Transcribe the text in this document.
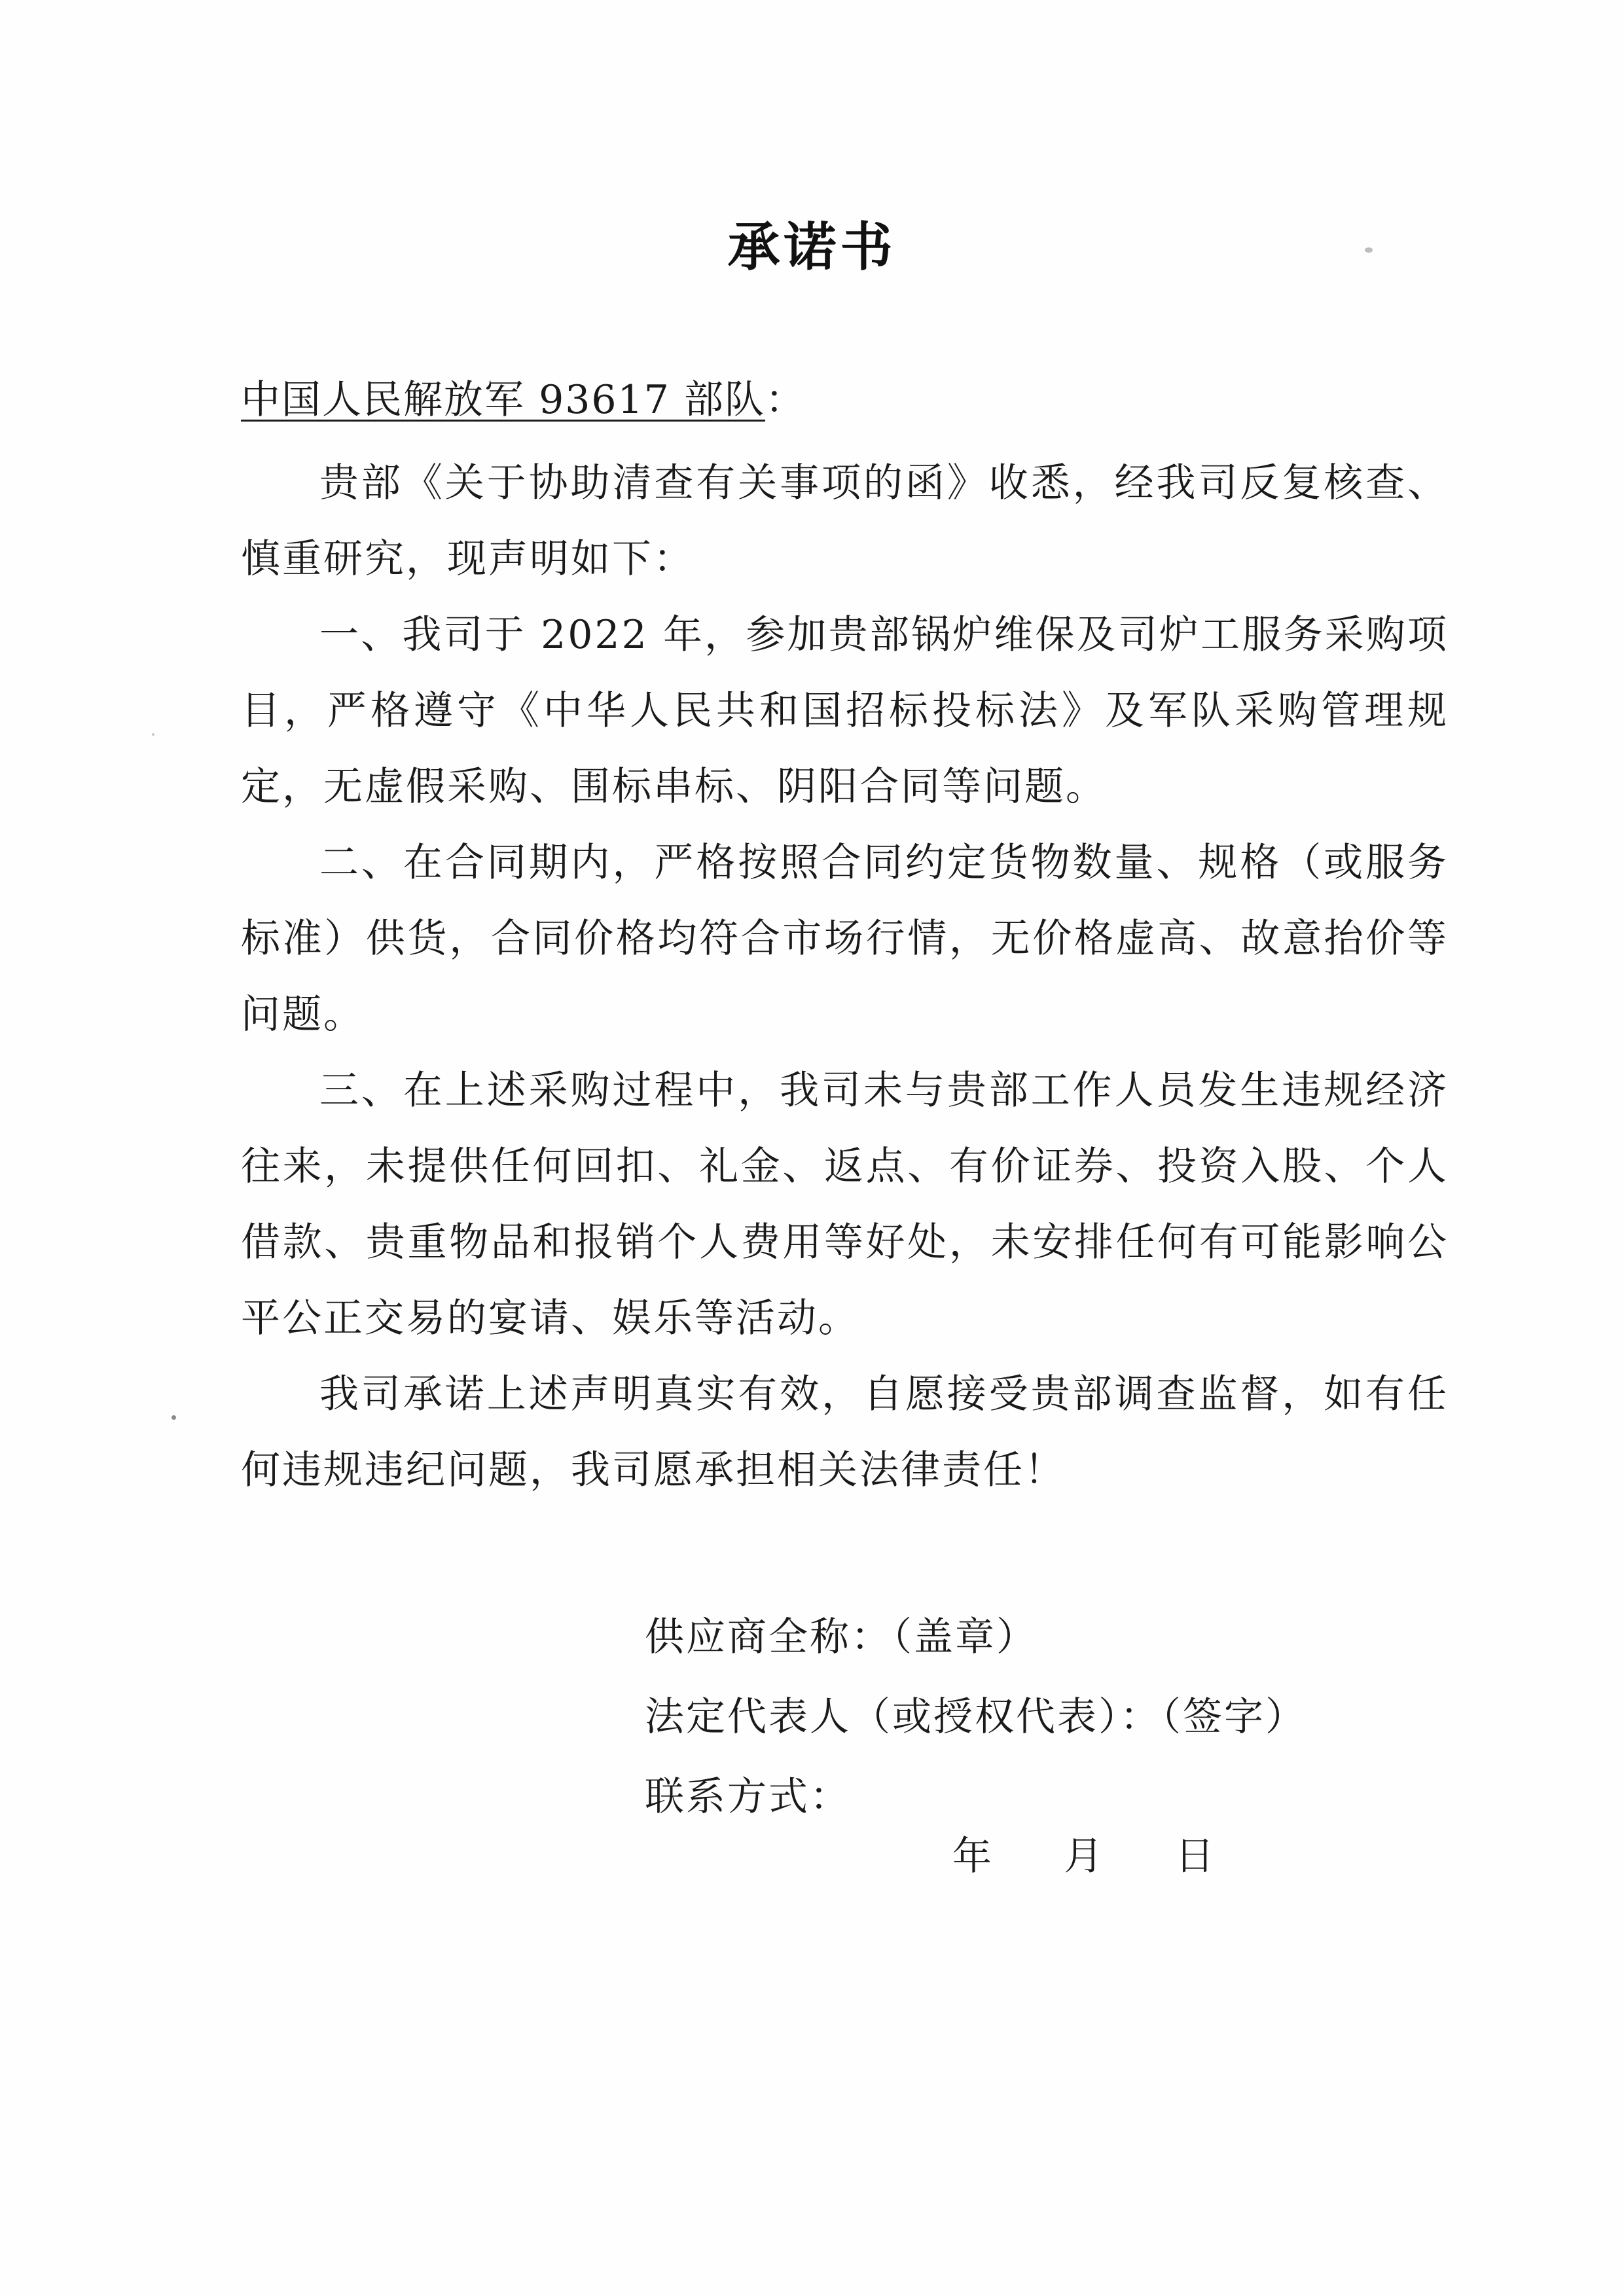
承诺书
中国人民解放军 93617 部队：

贵部《关于协助清查有关事项的函》收悉，经我司反复核查、慎重研究，现声明如下：

一、我司于 2022 年，参加贵部锅炉维保及司炉工服务采购项目，严格遵守《中华人民共和国招标投标法》及军队采购管理规定，无虚假采购、围标串标、阴阳合同等问题。

二、在合同期内，严格按照合同约定货物数量、规格（或服务标准）供货，合同价格均符合市场行情，无价格虚高、故意抬价等问题。

三、在上述采购过程中，我司未与贵部工作人员发生违规经济往来，未提供任何回扣、礼金、返点、有价证券、投资入股、个人借款、贵重物品和报销个人费用等好处，未安排任何有可能影响公平公正交易的宴请、娱乐等活动。

我司承诺上述声明真实有效，自愿接受贵部调查监督，如有任何违规违纪问题，我司愿承担相关法律责任！

供应商全称：（盖章）
法定代表人（或授权代表）：（签字）
联系方式：
年 月 日
